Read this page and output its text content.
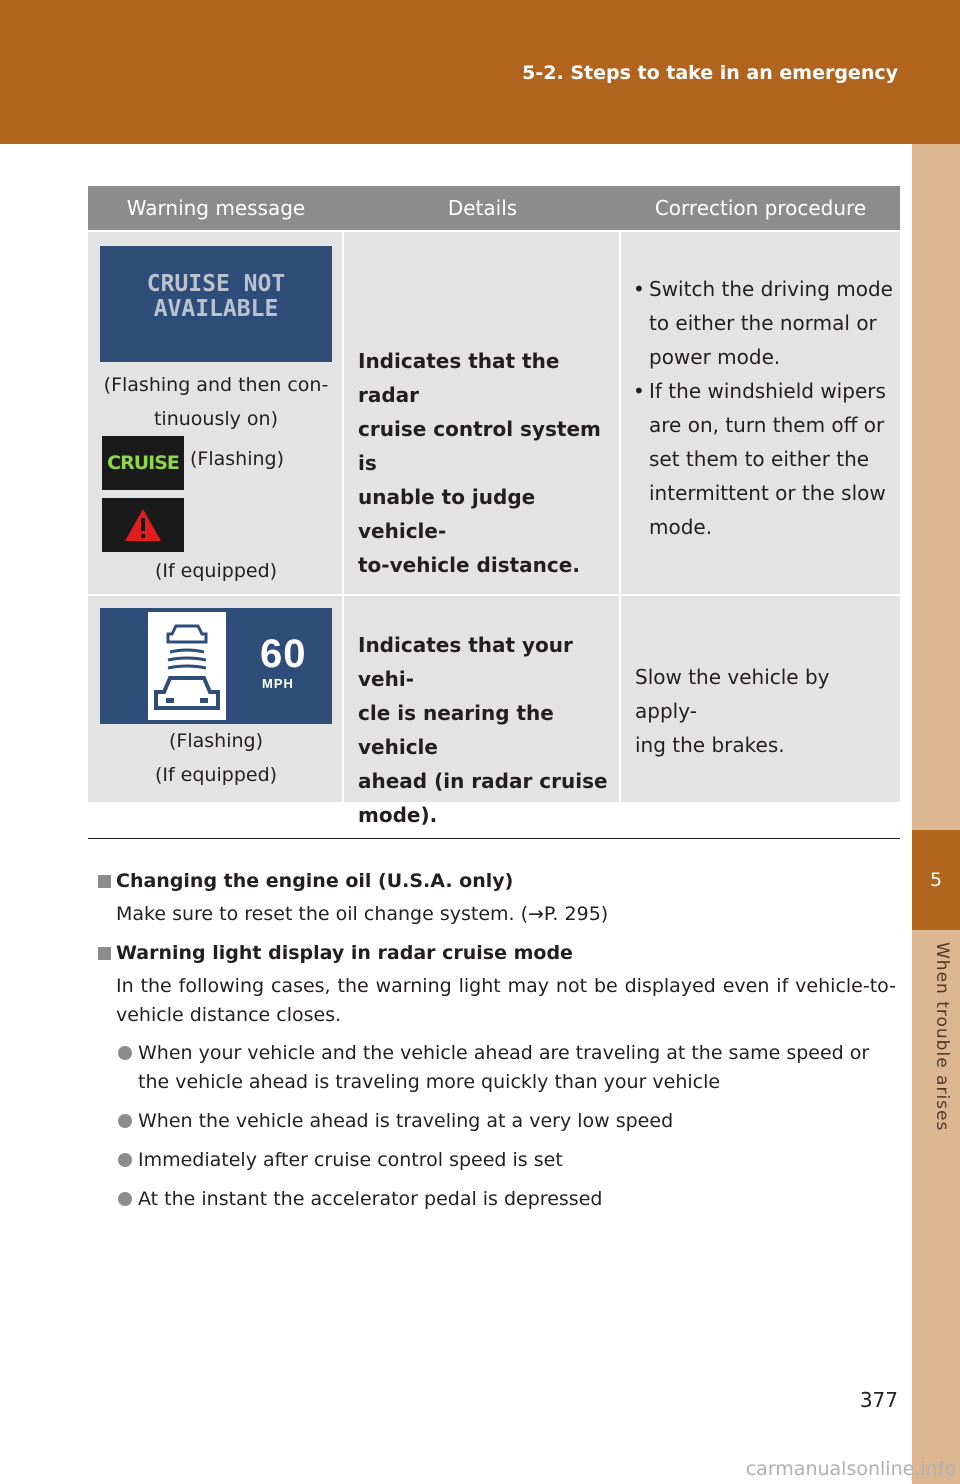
5-2. Steps to take in an emergency
5
When trouble arises
Warning message	Details	Correction procedure
CRUISE NOT
AVAILABLE
(Flashing and then con-
tinuously on)
CRUISE (Flashing)
(If equipped)
Indicates that the radar
cruise control system is
unable to judge vehicle-
to-vehicle distance.
• Switch the driving mode
to either the normal or
power mode.
• If the windshield wipers
are on, turn them off or
set them to either the
intermittent or the slow
mode.
60
MPH
(Flashing)
(If equipped)
Indicates that your vehi-
cle is nearing the vehicle
ahead (in radar cruise
mode).
Slow the vehicle by apply-
ing the brakes.
Changing the engine oil (U.S.A. only)
Make sure to reset the oil change system. (→P. 295)
Warning light display in radar cruise mode
In the following cases, the warning light may not be displayed even if vehicle-to-vehicle distance closes.
When your vehicle and the vehicle ahead are traveling at the same speed or the vehicle ahead is traveling more quickly than your vehicle
When the vehicle ahead is traveling at a very low speed
Immediately after cruise control speed is set
At the instant the accelerator pedal is depressed
377
carmanualsonline.info
